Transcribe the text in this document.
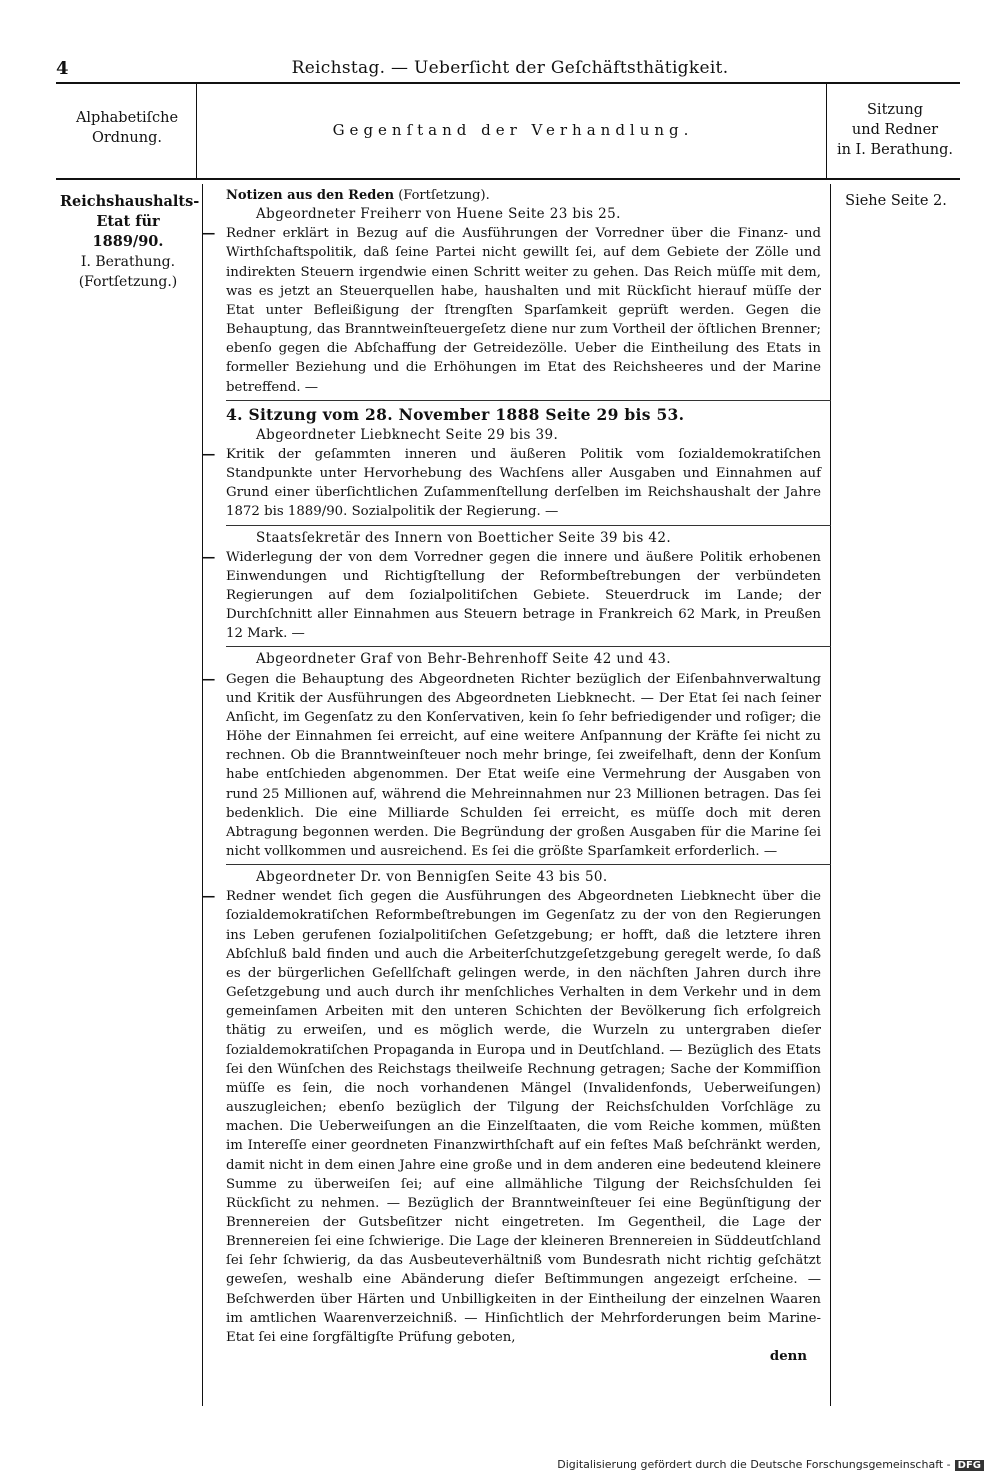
4	Reichstag. — Ueberſicht der Geſchäftsthätigkeit.
Alphabetiſche
Ordnung.	Gegenſtand der Verhandlung.
Sitzung
und Redner
in I. Berathung.
Reichshaushalts-
Etat für 1889/90.
I. Berathung.
(Fortſetzung.)
Siehe Seite 2.

Notizen aus den Reden (Fortſetzung).

Abgeordneter Freiherr von Huene Seite 23 bis 25.

— Redner erklärt in Bezug auf die Ausführungen der Vorredner über die Finanz- und Wirthſchaftspolitik, daß ſeine Partei nicht gewillt ſei, auf dem Gebiete der Zölle und indirekten Steuern irgendwie einen Schritt weiter zu gehen. Das Reich müſſe mit dem, was es jetzt an Steuerquellen habe, haushalten und mit Rückſicht hierauf müſſe der Etat unter Befleißigung der ſtrengſten Sparſamkeit geprüft werden. Gegen die Behauptung, das Branntweinſteuergeſetz diene nur zum Vortheil der öſtlichen Brenner; ebenſo gegen die Abſchaffung der Getreidezölle. Ueber die Eintheilung des Etats in formeller Beziehung und die Erhöhungen im Etat des Reichsheeres und der Marine betreffend. —

4. Sitzung vom 28. November 1888 Seite 29 bis 53.

Abgeordneter Liebknecht Seite 29 bis 39.

— Kritik der geſammten inneren und äußeren Politik vom ſozialdemokratiſchen Standpunkte unter Hervorhebung des Wachſens aller Ausgaben und Einnahmen auf Grund einer überſichtlichen Zuſammenſtellung derſelben im Reichshaushalt der Jahre 1872 bis 1889/90. Sozialpolitik der Regierung. —

Staatsſekretär des Innern von Boetticher Seite 39 bis 42.

— Widerlegung der von dem Vorredner gegen die innere und äußere Politik erhobenen Einwendungen und Richtigſtellung der Reformbeſtrebungen der verbündeten Regierungen auf dem ſozialpolitiſchen Gebiete. Steuerdruck im Lande; der Durchſchnitt aller Einnahmen aus Steuern betrage in Frankreich 62 Mark, in Preußen 12 Mark. —

Abgeordneter Graf von Behr-Behrenhoff Seite 42 und 43.

— Gegen die Behauptung des Abgeordneten Richter bezüglich der Eiſenbahnverwaltung und Kritik der Ausführungen des Abgeordneten Liebknecht. — Der Etat ſei nach ſeiner Anſicht, im Gegenſatz zu den Konſervativen, kein ſo ſehr befriedigender und roſiger; die Höhe der Einnahmen ſei erreicht, auf eine weitere Anſpannung der Kräfte ſei nicht zu rechnen. Ob die Branntweinſteuer noch mehr bringe, ſei zweifelhaft, denn der Konſum habe entſchieden abgenommen. Der Etat weiſe eine Vermehrung der Ausgaben von rund 25 Millionen auf, während die Mehreinnahmen nur 23 Millionen betragen. Das ſei bedenklich. Die eine Milliarde Schulden ſei erreicht, es müſſe doch mit deren Abtragung begonnen werden. Die Begründung der großen Ausgaben für die Marine ſei nicht vollkommen und ausreichend. Es ſei die größte Sparſamkeit erforderlich. —

Abgeordneter Dr. von Bennigſen Seite 43 bis 50.

— Redner wendet ſich gegen die Ausführungen des Abgeordneten Liebknecht über die ſozialdemokratiſchen Reformbeſtrebungen im Gegenſatz zu der von den Regierungen ins Leben gerufenen ſozialpolitiſchen Geſetzgebung; er hofft, daß die letztere ihren Abſchluß bald finden und auch die Arbeiterſchutzgeſetzgebung geregelt werde, ſo daß es der bürgerlichen Geſellſchaft gelingen werde, in den nächſten Jahren durch ihre Geſetzgebung und auch durch ihr menſchliches Verhalten in dem Verkehr und in dem gemeinſamen Arbeiten mit den unteren Schichten der Bevölkerung ſich erfolgreich thätig zu erweiſen, und es möglich werde, die Wurzeln zu untergraben dieſer ſozialdemokratiſchen Propaganda in Europa und in Deutſchland. — Bezüglich des Etats ſei den Wünſchen des Reichstags theilweiſe Rechnung getragen; Sache der Kommiſſion müſſe es ſein, die noch vorhandenen Mängel (Invalidenfonds, Ueberweiſungen) auszugleichen; ebenſo bezüglich der Tilgung der Reichsſchulden Vorſchläge zu machen. Die Ueberweiſungen an die Einzelſtaaten, die vom Reiche kommen, müßten im Intereſſe einer geordneten Finanzwirthſchaft auf ein feſtes Maß beſchränkt werden, damit nicht in dem einen Jahre eine große und in dem anderen eine bedeutend kleinere Summe zu überweiſen ſei; auf eine allmähliche Tilgung der Reichsſchulden ſei Rückſicht zu nehmen. — Bezüglich der Branntweinſteuer ſei eine Begünſtigung der Brennereien der Gutsbeſitzer nicht eingetreten. Im Gegentheil, die Lage der Brennereien ſei eine ſchwierige. Die Lage der kleineren Brennereien in Süddeutſchland ſei ſehr ſchwierig, da das Ausbeuteverhältniß vom Bundesrath nicht richtig geſchätzt geweſen, weshalb eine Abänderung dieſer Beſtimmungen angezeigt erſcheine. — Beſchwerden über Härten und Unbilligkeiten in der Eintheilung der einzelnen Waaren im amtlichen Waarenverzeichniß. — Hinſichtlich der Mehrforderungen beim Marine-Etat ſei eine ſorgfältigſte Prüfung geboten,

denn

Digitalisierung gefördert durch die Deutsche Forschungsgemeinschaft - DFG
